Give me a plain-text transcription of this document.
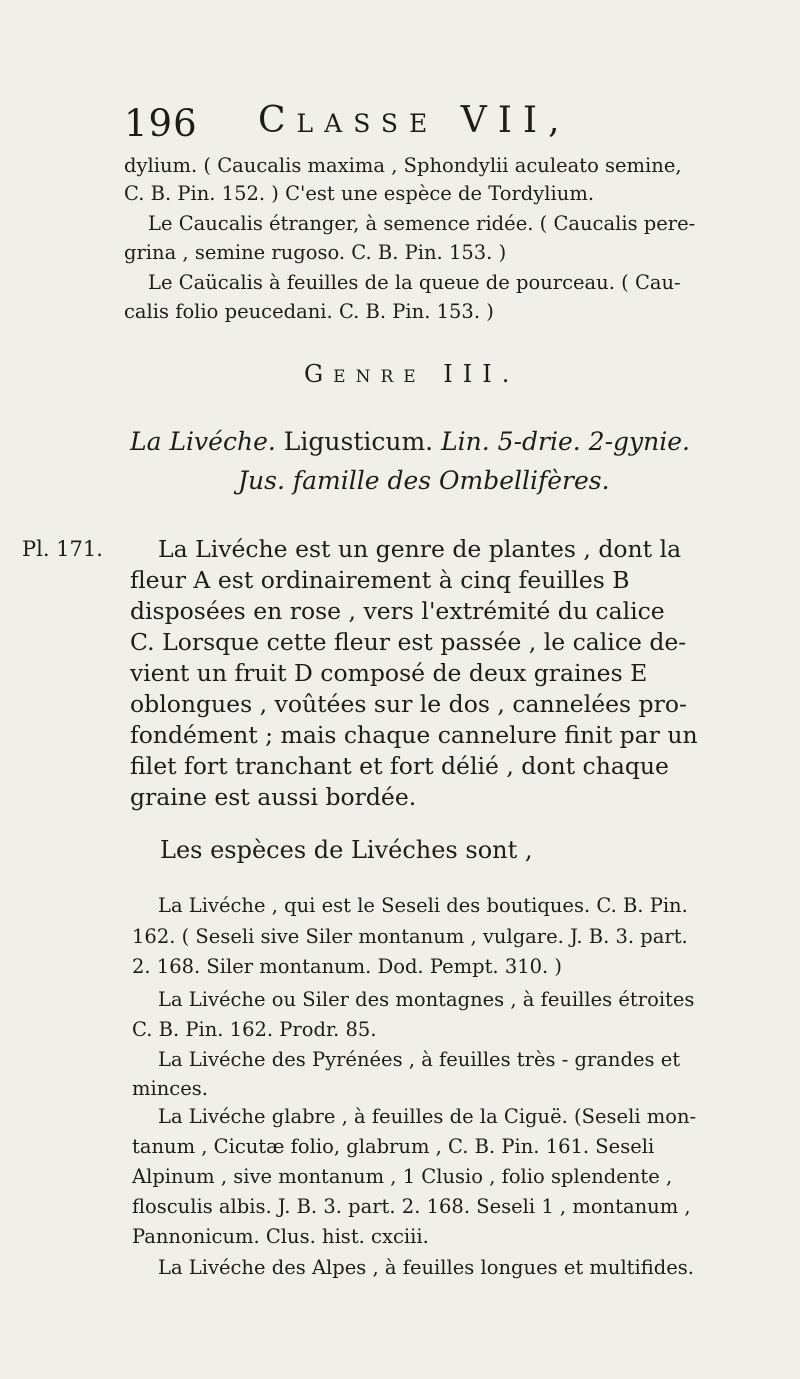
196 Classe VII,
dylium. ( Caucalis maxima , Sphondylii aculeato semine,
C. B. Pin. 152. ) C'est une espèce de Tordylium.
Le Caucalis étranger, à semence ridée. ( Caucalis pere-
grina , semine rugoso. C. B. Pin. 153. )
Le Caücalis à feuilles de la queue de pourceau. ( Cau-
calis folio peucedani. C. B. Pin. 153. )
Genre III.
La Livéche. Ligusticum. Lin. 5-drie. 2-gynie.
Jus. famille des Ombellifères.
Pl. 171. La Livéche est un genre de plantes , dont la
fleur A est ordinairement à cinq feuilles B
disposées en rose , vers l'extrémité du calice
C. Lorsque cette fleur est passée , le calice de-
vient un fruit D composé de deux graines E
oblongues , voûtées sur le dos , cannelées pro-
fondément ; mais chaque cannelure finit par un
filet fort tranchant et fort délié , dont chaque
graine est aussi bordée.
Les espèces de Livéches sont ,
La Livéche , qui est le Seseli des boutiques. C. B. Pin.
162. ( Seseli sive Siler montanum , vulgare. J. B. 3. part.
2. 168. Siler montanum. Dod. Pempt. 310. )
La Livéche ou Siler des montagnes , à feuilles étroites
C. B. Pin. 162. Prodr. 85.
La Livéche des Pyrénées , à feuilles très - grandes et
minces.
La Livéche glabre , à feuilles de la Ciguë. (Seseli mon-
tanum , Cicutæ folio, glabrum , C. B. Pin. 161. Seseli
Alpinum , sive montanum , 1 Clusio , folio splendente ,
flosculis albis. J. B. 3. part. 2. 168. Seseli 1 , montanum ,
Pannonicum. Clus. hist. cxciii.
La Livéche des Alpes , à feuilles longues et multifides.
